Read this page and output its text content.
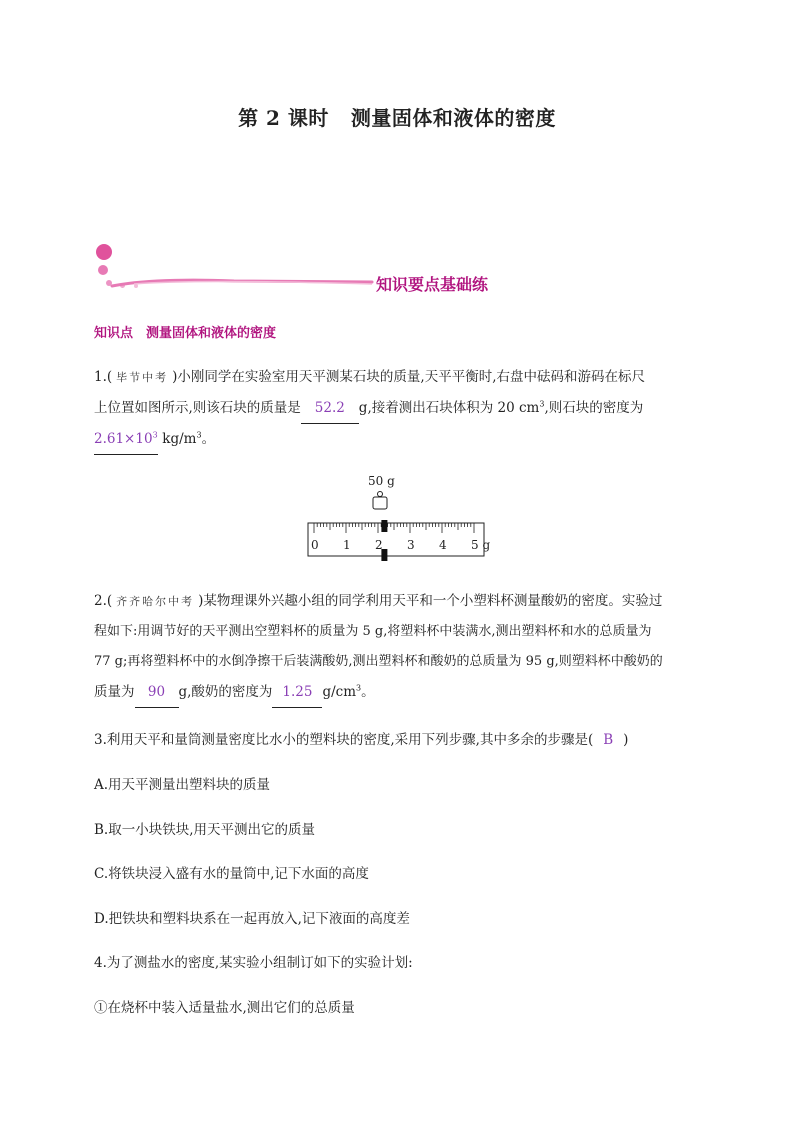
第 2 课时 测量固体和液体的密度
知识要点基础练
知识点　测量固体和液体的密度
1.( 毕节中考 )小刚同学在实验室用天平测某石块的质量,天平平衡时,右盘中砝码和游码在标尺
上位置如图所示,则该石块的质量是 52.2 g,接着测出石块体积为 20 $cm^3$,则石块的密度为
$2.61\times 10^3$ $kg/m^3$。
50 g
0 1 2 3 4 5 g
2.( 齐齐哈尔中考 )某物理课外兴趣小组的同学利用天平和一个小塑料杯测量酸奶的密度。实验过
程如下:用调节好的天平测出空塑料杯的质量为 5 g,将塑料杯中装满水,测出塑料杯和水的总质量为
77 g;再将塑料杯中的水倒净擦干后装满酸奶,测出塑料杯和酸奶的总质量为 95 g,则塑料杯中酸奶的
质量为 90 g,酸奶的密度为 1.25 $g/cm^3$。
3.利用天平和量筒测量密度比水小的塑料块的密度,采用下列步骤,其中多余的步骤是( B )
A.用天平测量出塑料块的质量
B.取一小块铁块,用天平测出它的质量
C.将铁块浸入盛有水的量筒中,记下水面的高度
D.把铁块和塑料块系在一起再放入,记下液面的高度差
4.为了测盐水的密度,某实验小组制订如下的实验计划:
①在烧杯中装入适量盐水,测出它们的总质量
